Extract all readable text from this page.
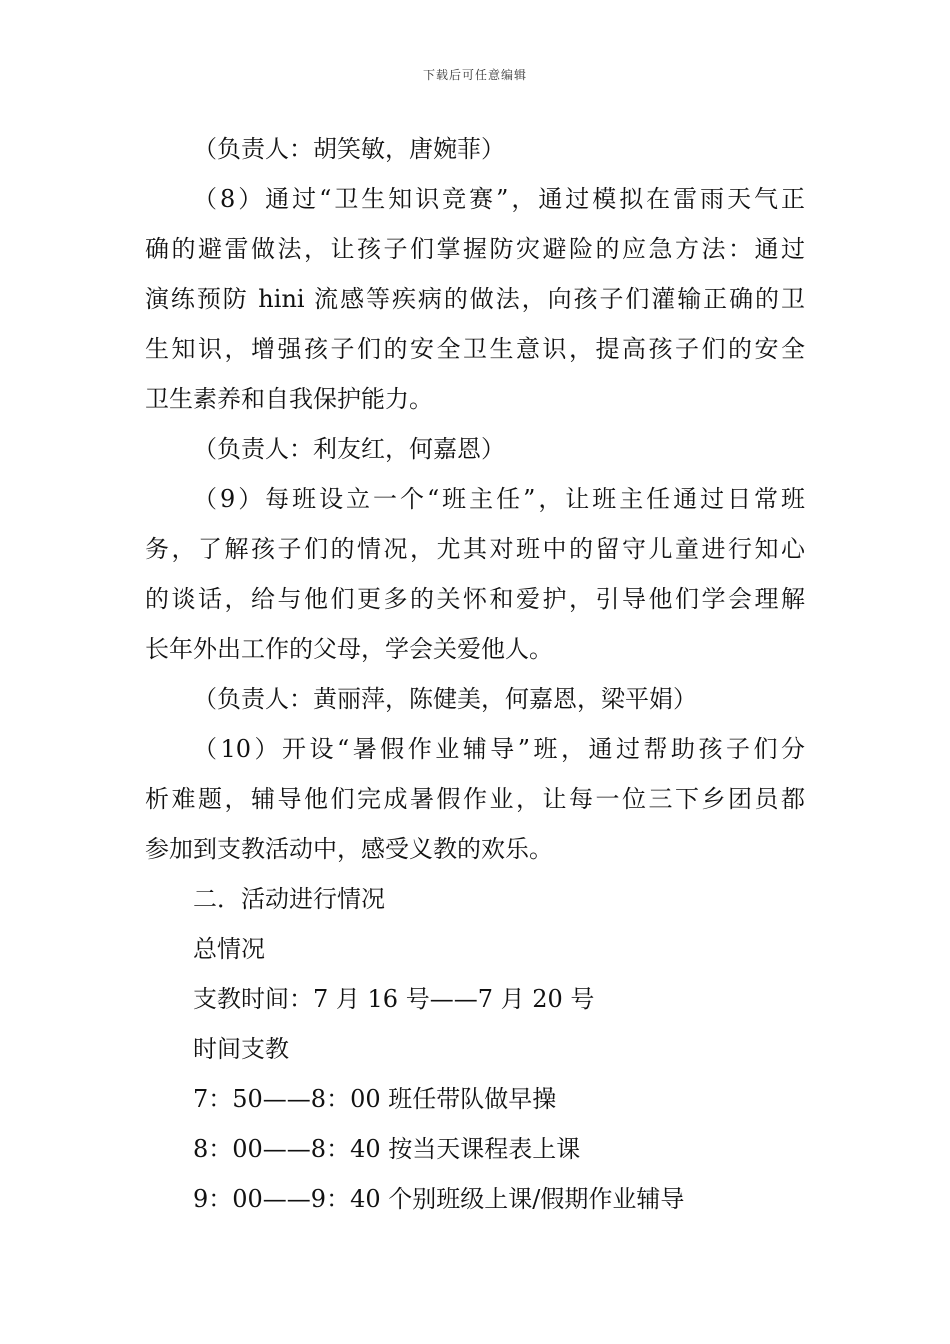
下载后可任意编辑
（负责人：胡笑敏，唐婉菲）
（8）通过“卫生知识竞赛”，通过模拟在雷雨天气正
确的避雷做法，让孩子们掌握防灾避险的应急方法：通过
演练预防 hini 流感等疾病的做法，向孩子们灌输正确的卫
生知识，增强孩子们的安全卫生意识，提高孩子们的安全
卫生素养和自我保护能力。
（负责人：利友红，何嘉恩）
（9）每班设立一个“班主任”，让班主任通过日常班
务，了解孩子们的情况，尤其对班中的留守儿童进行知心
的谈话，给与他们更多的关怀和爱护，引导他们学会理解
长年外出工作的父母，学会关爱他人。
（负责人：黄丽萍，陈健美，何嘉恩，梁平娟）
（10）开设“暑假作业辅导”班，通过帮助孩子们分
析难题，辅导他们完成暑假作业，让每一位三下乡团员都
参加到支教活动中，感受义教的欢乐。
二．活动进行情况
总情况
支教时间：7 月 16 号——7 月 20 号
时间支教
7：50——8：00 班任带队做早操
8：00——8：40 按当天课程表上课
9：00——9：40 个别班级上课/假期作业辅导
